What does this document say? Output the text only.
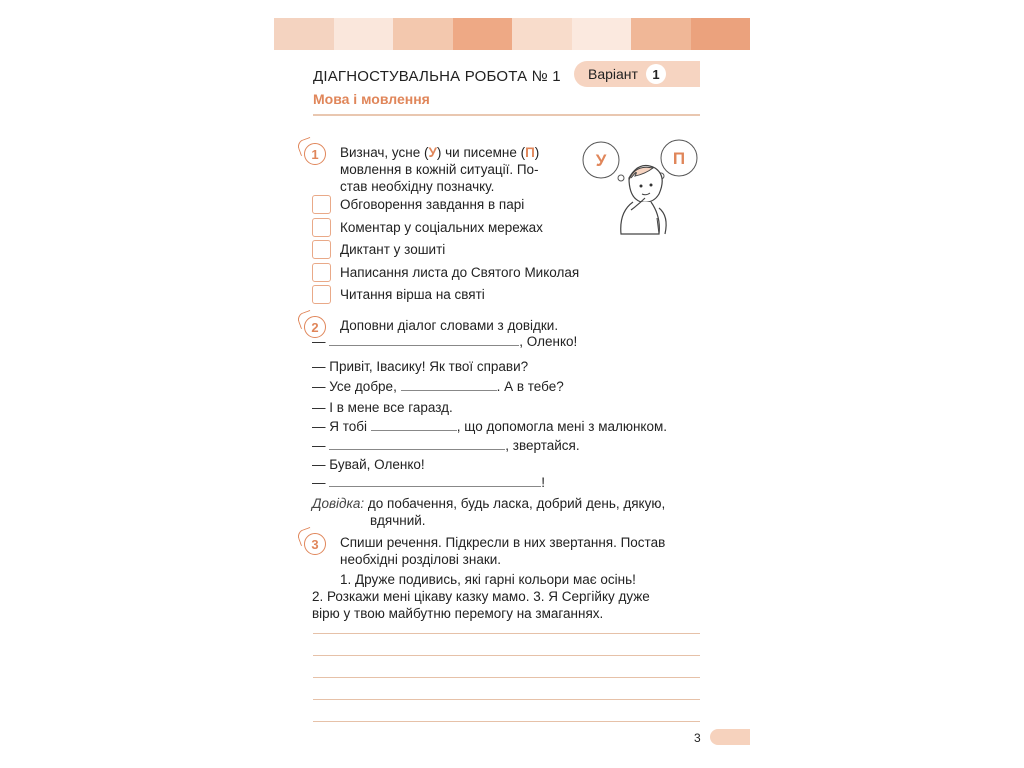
ДІАГНОСТУВАЛЬНА РОБОТА № 1
Мова і мовлення
Варіант	1
1	Визнач, усне (У) чи писемне (П)
мовлення в кожній ситуації. По-
став необхідну позначку.
Обговорення завдання в парі
Коментар у соціальних мережах
Диктант у зошиті
Написання листа до Святого Миколая
Читання вірша на святі
У	П
2	Доповни діалог словами з довідки.
—	, Оленко!
— Привіт, Івасику! Як твої справи?
— Усе добре,	. А в тебе?
— І в мене все гаразд.
— Я тобі	, що допомогла мені з малюнком.
—	, звертайся.
— Бувай, Оленко!
—	!
Довідка: до побачення, будь ласка, добрий день, дякую,
вдячний.
3	Спиши речення. Підкресли в них звертання. Постав
необхідні розділові знаки.
1. Друже подивись, які гарні кольори має осінь!
2. Розкажи мені цікаву казку мамо. 3. Я Сергійку дуже
вірю у твою майбутню перемогу на змаганнях.
3
